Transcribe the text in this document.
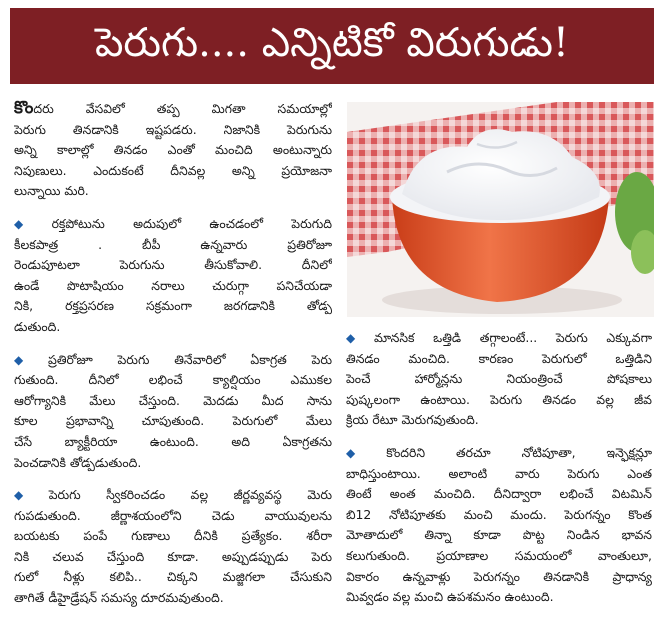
పెరుగు.... ఎన్నిటికో విరుగుడు!
కొందరు వేసవిలో తప్ప మిగతా సమయాల్లో
పెరుగు తినడానికి ఇష్టపడరు. నిజానికి పెరుగును
అన్ని కాలాల్లో తినడం ఎంతో మంచిది అంటున్నారు
నిపుణులు. ఎందుకంటే దీనివల్ల అన్ని ప్రయోజనా
లున్నాయి మరి.
◆ రక్తపోటును అదుపులో ఉంచడంలో పెరుగుది
కీలకపాత్ర . బీపీ ఉన్నవారు ప్రతిరోజూ
రెండుపూటలా పెరుగును తీసుకోవాలి. దీనిలో
ఉండే పొటాషియం నరాలు చురుగ్గా పనిచేయడా
నికి, రక్తప్రసరణ సక్రమంగా జరగడానికి తోడ్ప
డుతుంది.
◆ ప్రతిరోజూ పెరుగు తినేవారిలో ఏకాగ్రత పెరు
గుతుంది. దీనిలో లభించే క్యాల్షియం ఎముకల
ఆరోగ్యానికి మేలు చేస్తుంది. మెదడు మీద సాను
కూల ప్రభావాన్ని చూపుతుంది. పెరుగులో మేలు
చేసే బ్యాక్టీరియా ఉంటుంది. అది ఏకాగ్రతను
పెంచడానికి తోడ్పడుతుంది.
◆ పెరుగు స్వీకరించడం వల్ల జీర్ణవ్యవస్థ మెరు
గుపడుతుంది. జీర్ణాశయంలోని చెడు వాయువులను
బయటకు పంపే గుణాలు దీనికి ప్రత్యేకం. శరీరా
నికి చలువ చేస్తుంది కూడా. అప్పుడప్పుడు పెరు
గులో నీళ్లు కలిపి.. చిక్కని మజ్జిగలా చేసుకుని
తాగితే డీహైడ్రేషన్ సమస్య దూరమవుతుంది.
◆ మానసిక ఒత్తిడి తగ్గాలంటే... పెరుగు ఎక్కువగా
తినడం మంచిది. కారణం పెరుగులో ఒత్తిడిని
పెంచే హార్మోన్లను నియంత్రించే పోషకాలు
పుష్కలంగా ఉంటాయి. పెరుగు తినడం వల్ల జీవ
క్రియ రేటూ మెరుగవుతుంది.
◆ కొందరిని తరచూ నోటిపూతా, ఇన్ఫెక్షన్లూ
బాధిస్తుంటాయి. అలాంటి వారు పెరుగు ఎంత
తింటే అంత మంచిది. దీనిద్వారా లభించే విటమిన్
బి12 నోటిపూతకు మంచి మందు. పెరుగన్నం కొంత
మోతాదులో తిన్నా కూడా పొట్ట నిండిన భావన
కలుగుతుంది. ప్రయాణాల సమయంలో వాంతులూ,
వికారం ఉన్నవాళ్లు పెరుగన్నం తినడానికి ప్రాధాన్య
మివ్వడం వల్ల మంచి ఉపశమనం ఉంటుంది.
